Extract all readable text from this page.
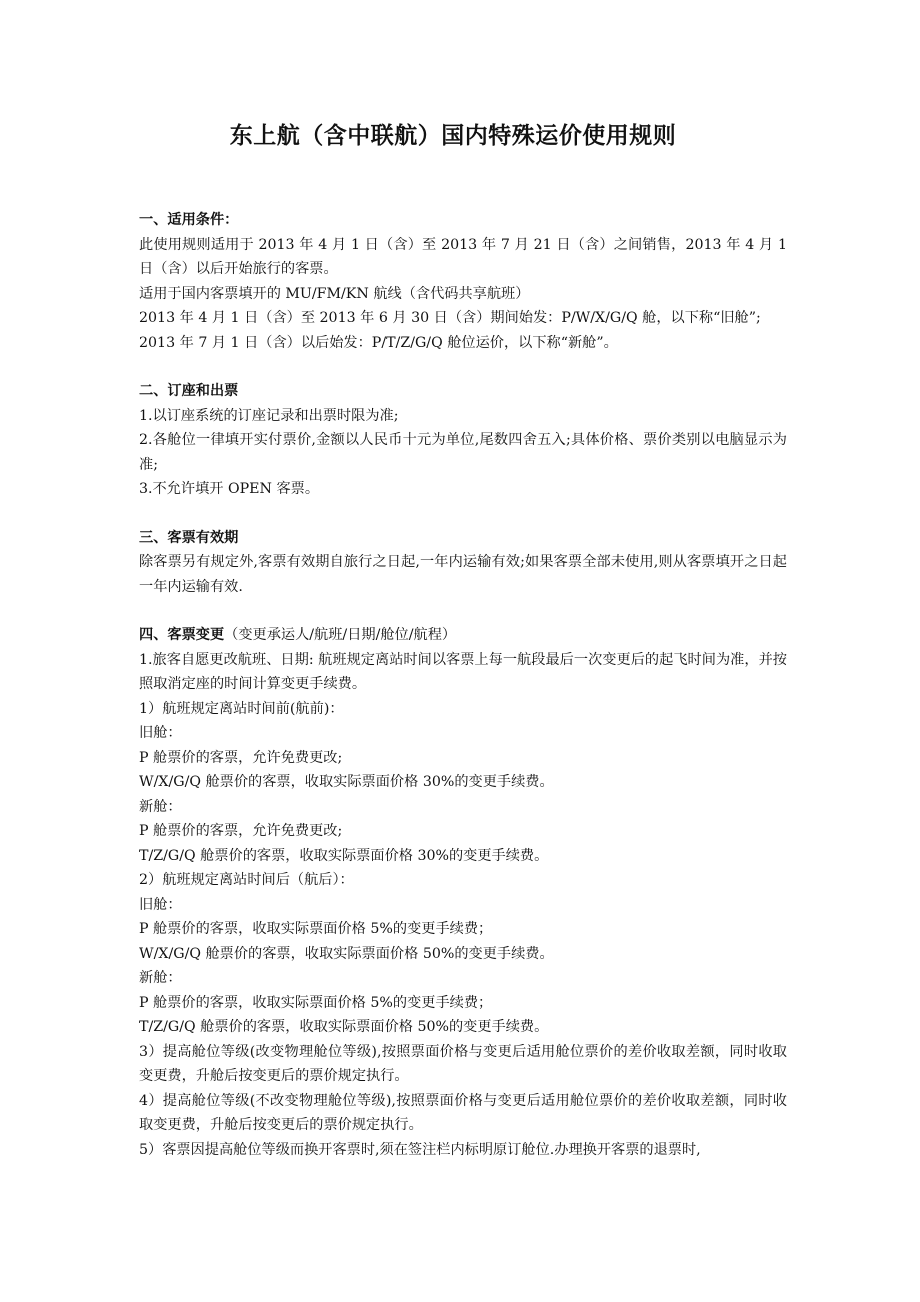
东上航（含中联航）国内特殊运价使用规则

一、适用条件：

此使用规则适用于 2013 年 4 月 1 日（含）至 2013 年 7 月 21 日（含）之间销售，2013 年 4 月 1 日（含）以后开始旅行的客票。

适用于国内客票填开的 MU/FM/KN 航线（含代码共享航班）

2013 年 4 月 1 日（含）至 2013 年 6 月 30 日（含）期间始发：P/W/X/G/Q 舱，以下称“旧舱”;

2013 年 7 月 1 日（含）以后始发：P/T/Z/G/Q 舱位运价，以下称“新舱”。

二、订座和出票

1.以订座系统的订座记录和出票时限为准;

2.各舱位一律填开实付票价,金额以人民币十元为单位,尾数四舍五入;具体价格、票价类别以电脑显示为准;

3.不允许填开 OPEN 客票。

三、客票有效期

除客票另有规定外,客票有效期自旅行之日起,一年内运输有效;如果客票全部未使用,则从客票填开之日起一年内运输有效.

四、客票变更（变更承运人/航班/日期/舱位/航程）

1.旅客自愿更改航班、日期: 航班规定离站时间以客票上每一航段最后一次变更后的起飞时间为准，并按照取消定座的时间计算变更手续费。

1）航班规定离站时间前(航前)：

旧舱：

P 舱票价的客票，允许免费更改;

W/X/G/Q 舱票价的客票，收取实际票面价格 30%的变更手续费。

新舱：

P 舱票价的客票，允许免费更改;

T/Z/G/Q 舱票价的客票，收取实际票面价格 30%的变更手续费。

2）航班规定离站时间后（航后）：

旧舱：

P 舱票价的客票，收取实际票面价格 5%的变更手续费；

W/X/G/Q 舱票价的客票，收取实际票面价格 50%的变更手续费。

新舱：

P 舱票价的客票，收取实际票面价格 5%的变更手续费；

T/Z/G/Q 舱票价的客票，收取实际票面价格 50%的变更手续费。

3）提高舱位等级(改变物理舱位等级),按照票面价格与变更后适用舱位票价的差价收取差额，同时收取变更费，升舱后按变更后的票价规定执行。

4）提高舱位等级(不改变物理舱位等级),按照票面价格与变更后适用舱位票价的差价收取差额，同时收取变更费，升舱后按变更后的票价规定执行。

5）客票因提高舱位等级而换开客票时,须在签注栏内标明原订舱位.办理换开客票的退票时,
